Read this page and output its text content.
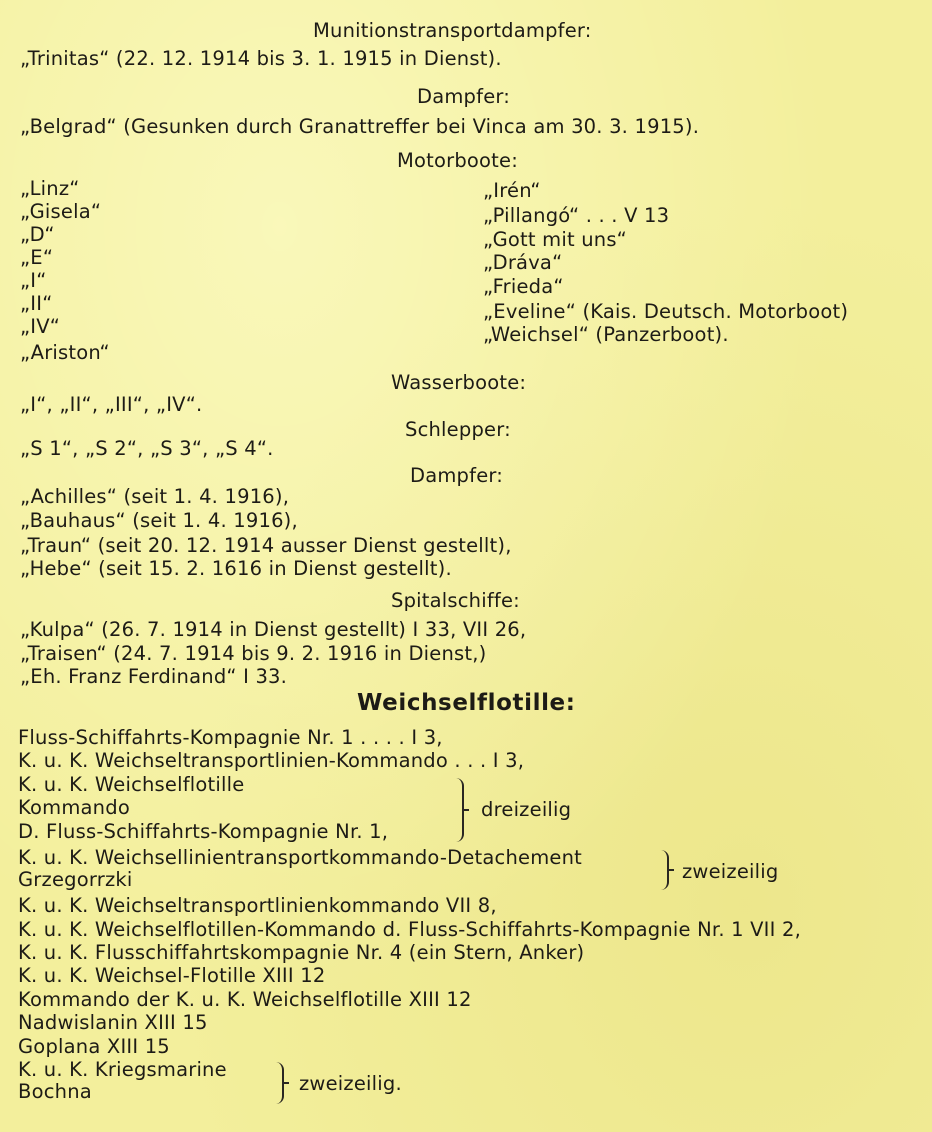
Munitionstransportdampfer:
„Trinitas“ (22. 12. 1914 bis 3. 1. 1915 in Dienst).
Dampfer:
„Belgrad“ (Gesunken durch Granattreffer bei Vinca am 30. 3. 1915).
Motorboote:
„Linz“
„Gisela“
„D“
„E“
„I“
„II“
„IV“
„Ariston“
„Irén“
„Pillangó“ . . . V 13
„Gott mit uns“
„Dráva“
„Frieda“
„Eveline“ (Kais. Deutsch. Motorboot)
„Weichsel“ (Panzerboot).
Wasserboote:
„I“, „II“, „III“, „IV“.
Schlepper:
„S 1“, „S 2“, „S 3“, „S 4“.
Dampfer:
„Achilles“ (seit 1. 4. 1916),
„Bauhaus“ (seit 1. 4. 1916),
„Traun“ (seit 20. 12. 1914 ausser Dienst gestellt),
„Hebe“ (seit 15. 2. 1616 in Dienst gestellt).
Spitalschiffe:
„Kulpa“ (26. 7. 1914 in Dienst gestellt) I 33, VII 26,
„Traisen“ (24. 7. 1914 bis 9. 2. 1916 in Dienst,)
„Eh. Franz Ferdinand“ I 33.
Weichselflotille:
Fluss-Schiffahrts-Kompagnie Nr. 1 . . . . I 3,
K. u. K. Weichseltransportlinien-Kommando . . . I 3,
K. u. K. Weichselflotille
Kommando
D. Fluss-Schiffahrts-Kompagnie Nr. 1,
dreizeilig
K. u. K. Weichsellinientransportkommando-Detachement
Grzegorrzki	zweizeilig
K. u. K. Weichseltransportlinienkommando VII 8,
K. u. K. Weichselflotillen-Kommando d. Fluss-Schiffahrts-Kompagnie Nr. 1 VII 2,
K. u. K. Flusschiffahrtskompagnie Nr. 4 (ein Stern, Anker)
K. u. K. Weichsel-Flotille XIII 12
Kommando der K. u. K. Weichselflotille XIII 12
Nadwislanin XIII 15
Goplana XIII 15
K. u. K. Kriegsmarine
Bochna	zweizeilig.
